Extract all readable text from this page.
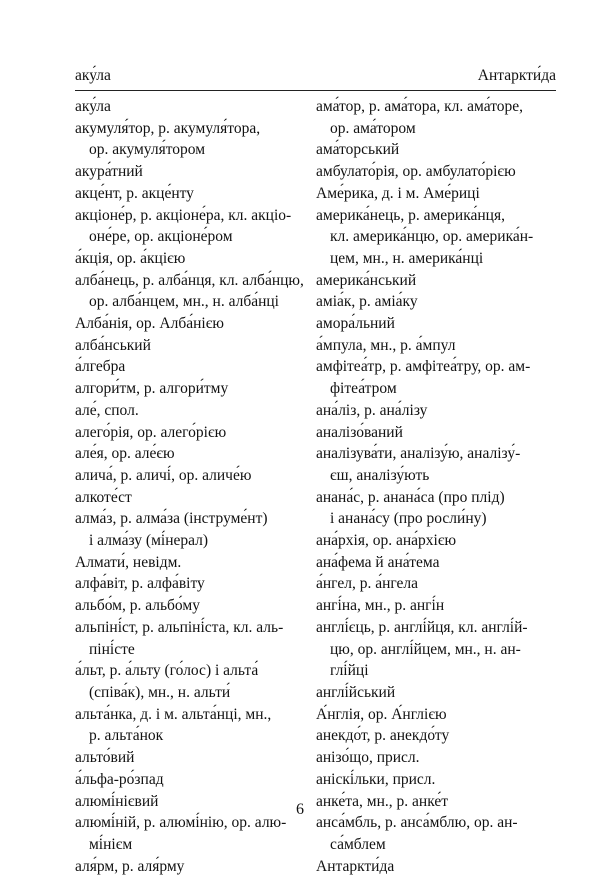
аку́ла	Антаркти́да
аку́ла
акумуля́тор, р. акумуля́тора,
ор. акумуля́тором
акура́тний
акце́нт, р. акце́нту
акціоне́р, р. акціоне́ра, кл. акціо-
оне́ре, ор. акціоне́ром
а́кція, ор. а́кцією
алба́нець, р. алба́нця, кл. алба́нцю,
ор. алба́нцем, мн., н. алба́нці
Алба́нія, ор. Алба́нією
алба́нський
а́лгебра
алгори́тм, р. алгори́тму
але́, спол.
алего́рія, ор. алего́рією
але́я, ор. але́єю
алича́, р. аличі́, ор. аличе́ю
алкоте́ст
алма́з, р. алма́за (інструме́нт)
і алма́зу (мі́нерал)
Алмати́, невідм.
алфа́віт, р. алфа́віту
альбо́м, р. альбо́му
альпіні́ст, р. альпіні́ста, кл. аль-
піні́сте
а́льт, р. а́льту (го́лос) і альта́
(співа́к), мн., н. альти́
альта́нка, д. і м. альта́нці, мн.,
р. альта́нок
альто́вий
а́льфа-ро́зпад
алюмі́нієвий
алюмі́ній, р. алюмі́нію, ор. алю-
мі́нієм
аля́рм, р. аля́рму
ама́тор, р. ама́тора, кл. ама́торе,
ор. ама́тором
ама́торський
амбулато́рія, ор. амбулато́рією
Аме́рика, д. і м. Аме́риці
америка́нець, р. америка́нця,
кл. америка́нцю, ор. америка́н-
цем, мн., н. америка́нці
америка́нський
аміа́к, р. аміа́ку
амора́льний
а́мпула, мн., р. а́мпул
амфітеа́тр, р. амфітеа́тру, ор. ам-
фітеа́тром
ана́ліз, р. ана́лізу
аналізо́ваний
аналізува́ти, аналізу́ю, аналізу́-
єш, аналізу́ють
анана́с, р. анана́са (про плід)
і анана́су (про росли́ну)
ана́рхія, ор. ана́рхією
ана́фема й ана́тема
а́нгел, р. а́нгела
ангі́на, мн., р. ангі́н
англі́єць, р. англі́йця, кл. англі́й-
цю, ор. англі́йцем, мн., н. ан-
глі́йці
англі́йський
А́нглія, ор. А́нглією
анекдо́т, р. анекдо́ту
анізо́що, присл.
аніскі́льки, присл.
анке́та, мн., р. анке́т
анса́мбль, р. анса́мблю, ор. ан-
са́мблем
Антаркти́да
6
